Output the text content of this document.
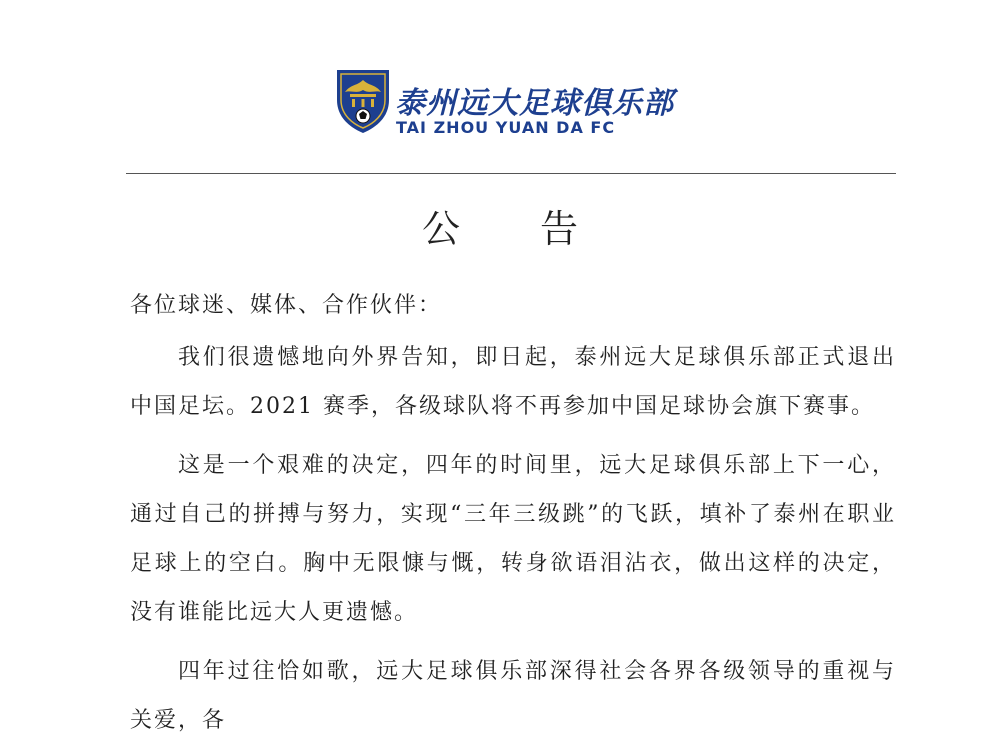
泰州远大足球俱乐部
TAI ZHOU YUAN DA FC
公 告
各位球迷、媒体、合作伙伴：

我们很遗憾地向外界告知，即日起，泰州远大足球俱乐部正式退出中国足坛。2021 赛季，各级球队将不再参加中国足球协会旗下赛事。

这是一个艰难的决定，四年的时间里，远大足球俱乐部上下一心，通过自己的拼搏与努力，实现“三年三级跳”的飞跃，填补了泰州在职业足球上的空白。胸中无限慷与慨，转身欲语泪沾衣，做出这样的决定，没有谁能比远大人更遗憾。

四年过往恰如歌，远大足球俱乐部深得社会各界各级领导的重视与关爱，各
